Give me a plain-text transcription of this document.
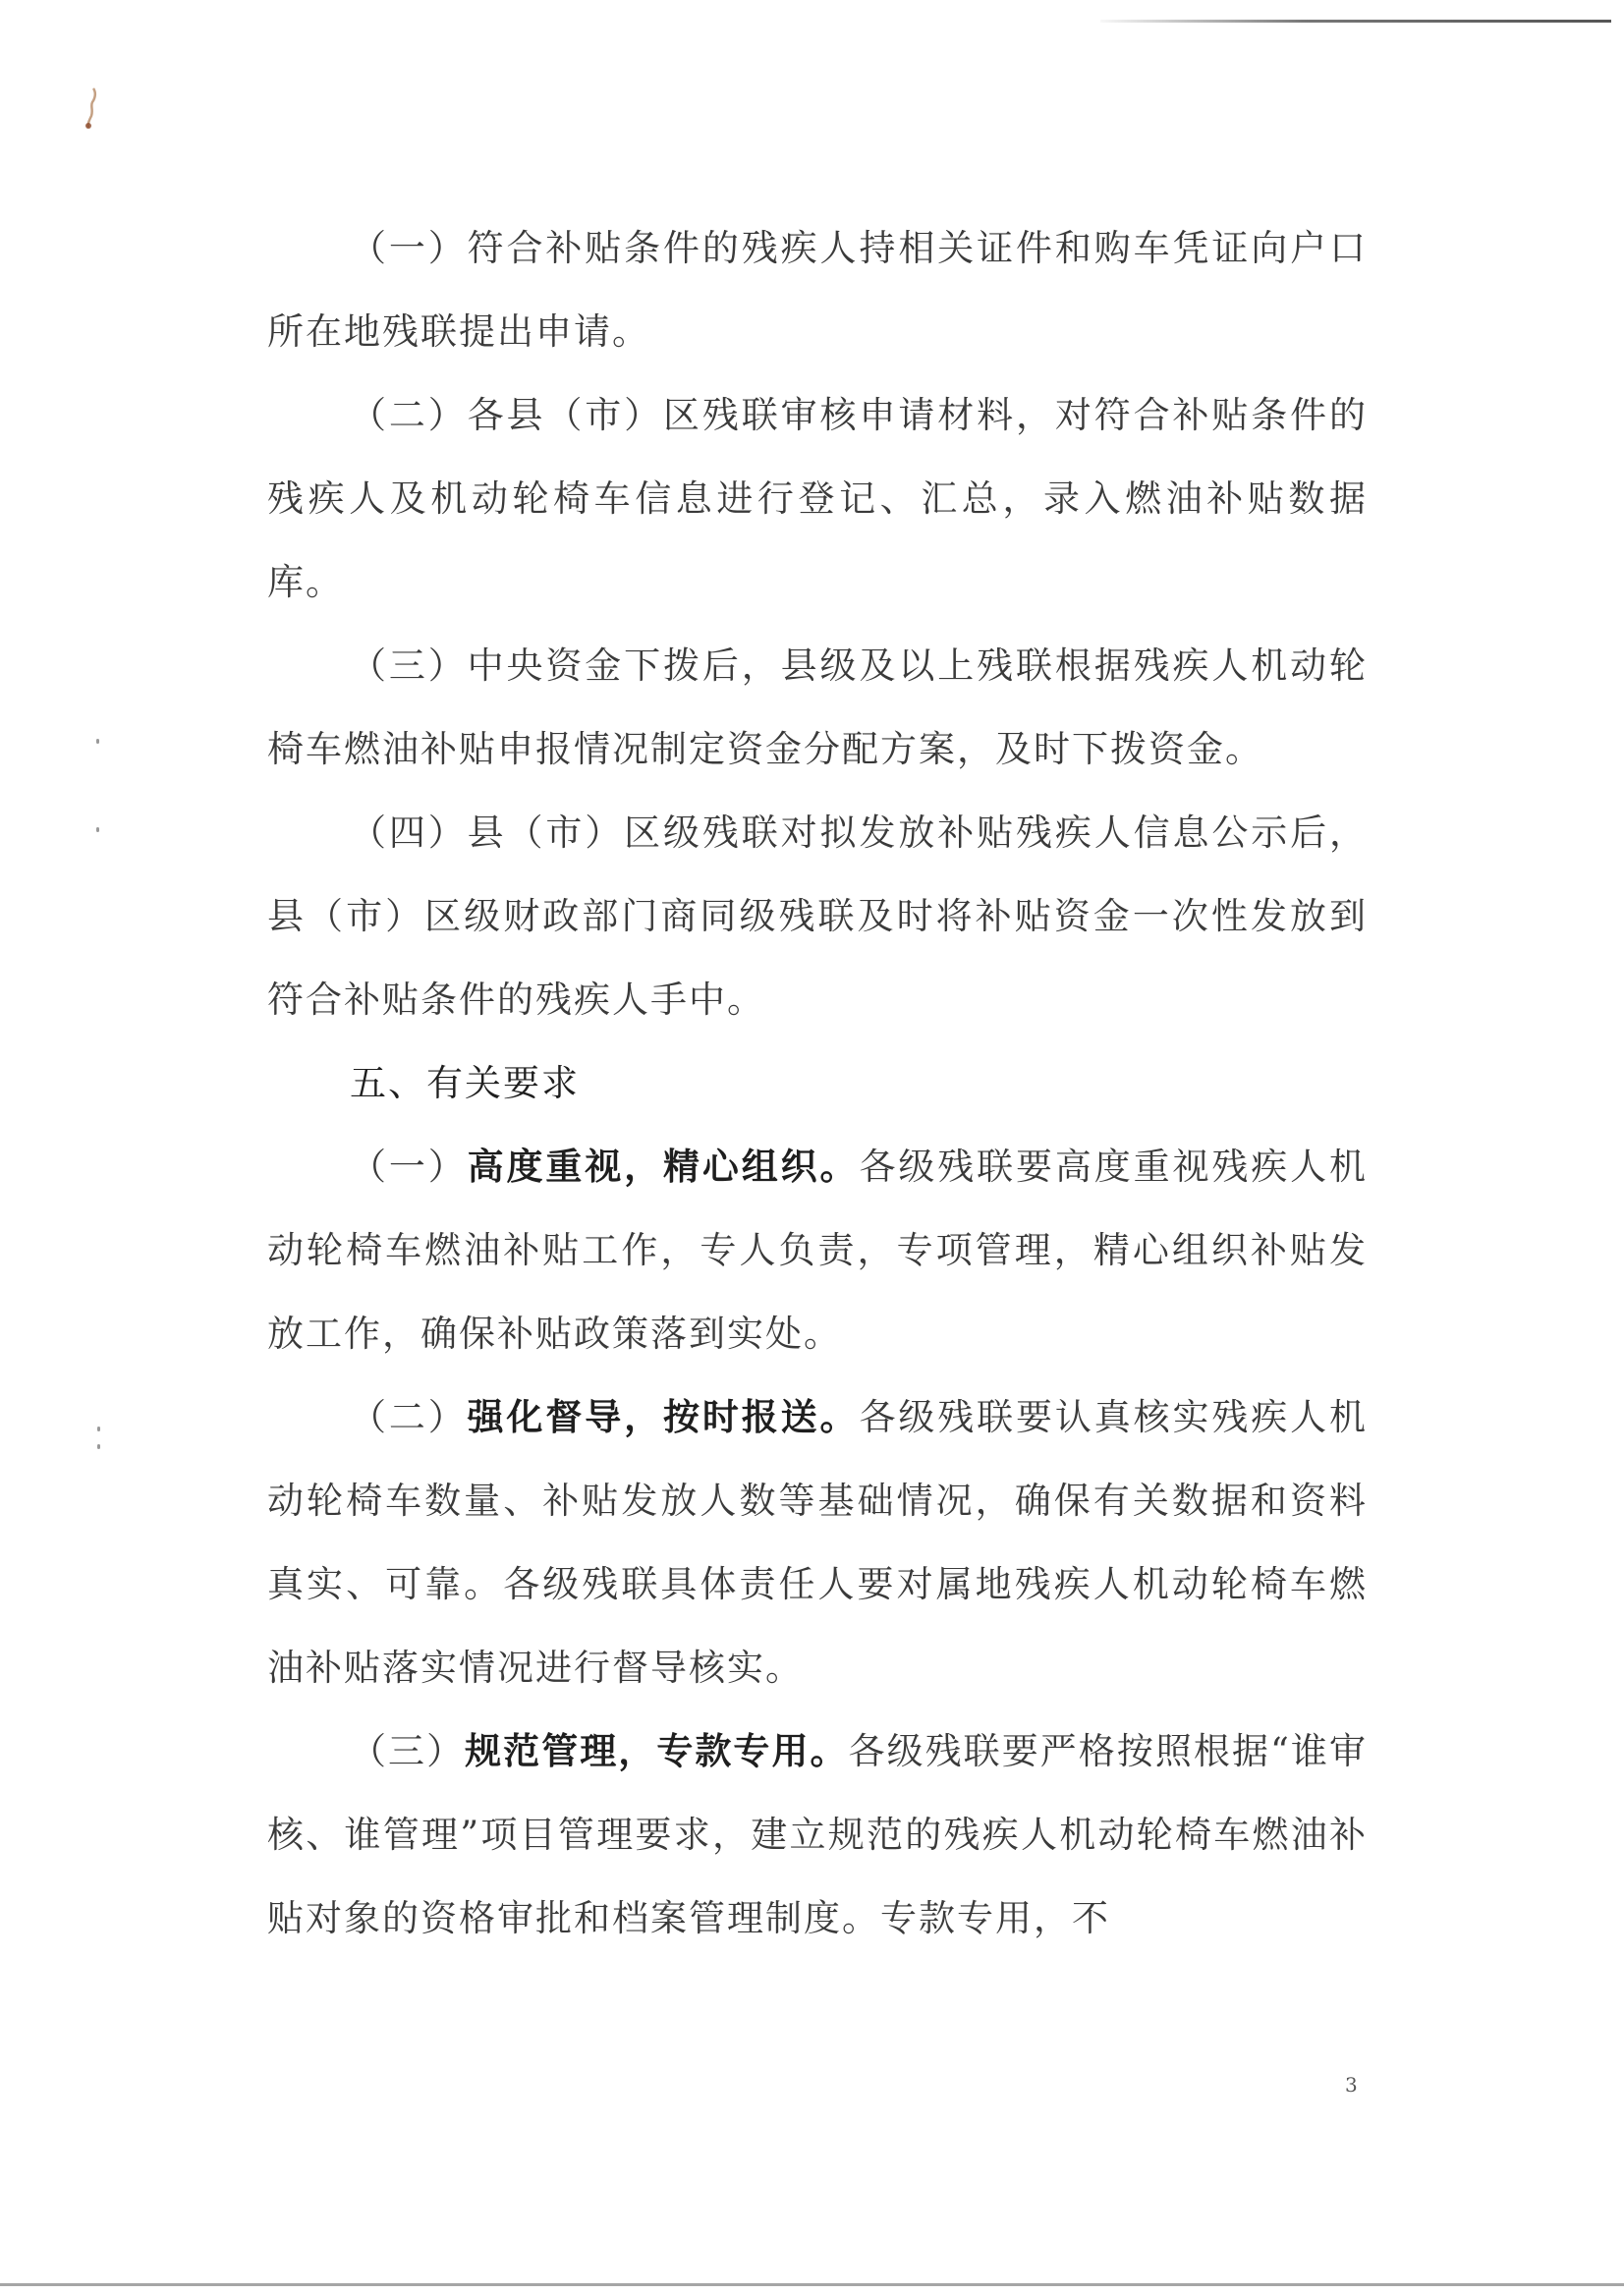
（一）符合补贴条件的残疾人持相关证件和购车凭证向户口所在地残联提出申请。

（二）各县（市）区残联审核申请材料，对符合补贴条件的残疾人及机动轮椅车信息进行登记、汇总，录入燃油补贴数据库。

（三）中央资金下拨后，县级及以上残联根据残疾人机动轮椅车燃油补贴申报情况制定资金分配方案，及时下拨资金。

（四）县（市）区级残联对拟发放补贴残疾人信息公示后，县（市）区级财政部门商同级残联及时将补贴资金一次性发放到符合补贴条件的残疾人手中。

五、有关要求

（一）高度重视，精心组织。各级残联要高度重视残疾人机动轮椅车燃油补贴工作，专人负责，专项管理，精心组织补贴发放工作，确保补贴政策落到实处。

（二）强化督导，按时报送。各级残联要认真核实残疾人机动轮椅车数量、补贴发放人数等基础情况，确保有关数据和资料真实、可靠。各级残联具体责任人要对属地残疾人机动轮椅车燃油补贴落实情况进行督导核实。

（三）规范管理，专款专用。各级残联要严格按照根据“谁审核、谁管理”项目管理要求，建立规范的残疾人机动轮椅车燃油补贴对象的资格审批和档案管理制度。专款专用，不

3
